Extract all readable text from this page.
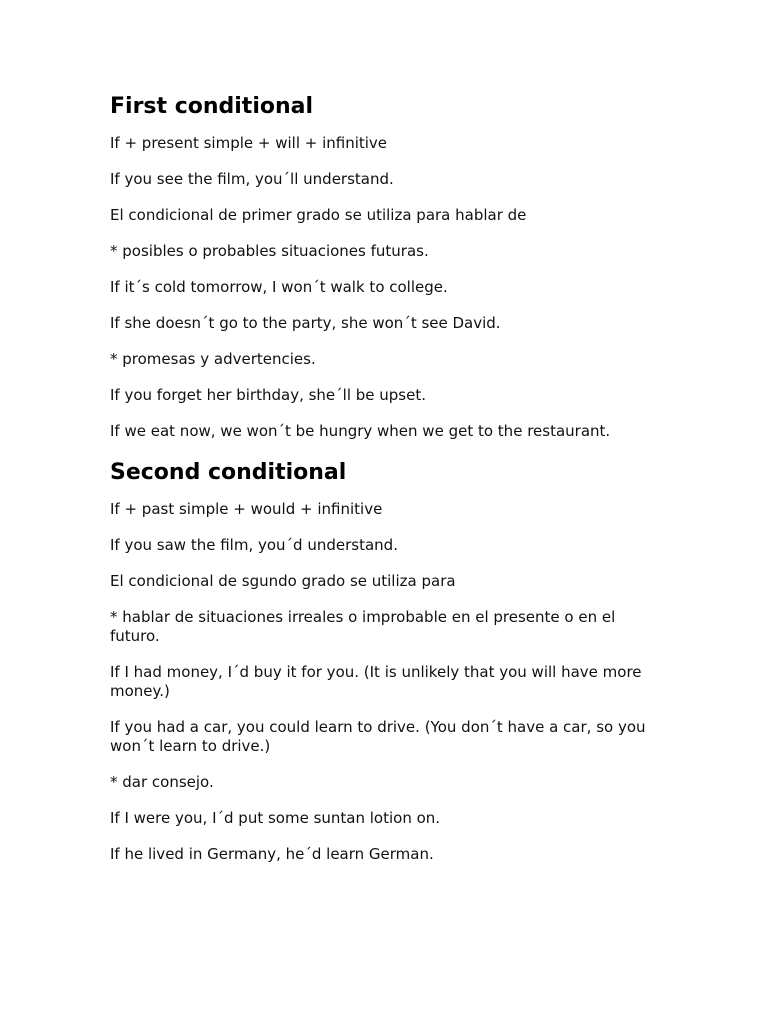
First conditional

If + present simple + will + infinitive

If you see the film, you´ll understand.

El condicional de primer grado se utiliza para hablar de

* posibles o probables situaciones futuras.

If it´s cold tomorrow, I won´t walk to college.

If she doesn´t go to the party, she won´t see David.

* promesas y advertencies.

If you forget her birthday, she´ll be upset.

If we eat now, we won´t be hungry when we get to the restaurant.

Second conditional

If + past simple + would + infinitive

If you saw the film, you´d understand.

El condicional de sgundo grado se utiliza para

* hablar de situaciones irreales o improbable en el presente o en el futuro.

If I had money, I´d buy it for you. (It is unlikely that you will have more money.)

If you had a car, you could learn to drive. (You don´t have a car, so you won´t learn to drive.)

* dar consejo.

If I were you, I´d put some suntan lotion on.

If he lived in Germany, he´d learn German.
